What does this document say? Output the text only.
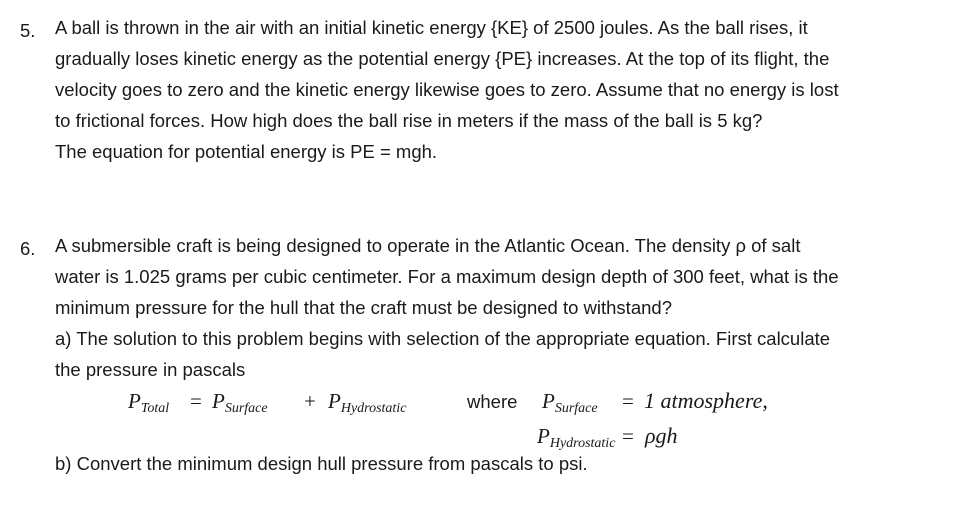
5. A ball is thrown in the air with an initial kinetic energy {KE} of 2500 joules. As the ball rises, it
gradually loses kinetic energy as the potential energy {PE} increases. At the top of its flight, the
velocity goes to zero and the kinetic energy likewise goes to zero. Assume that no energy is lost
to frictional forces. How high does the ball rise in meters if the mass of the ball is 5 kg?
The equation for potential energy is PE = mgh.
6. A submersible craft is being designed to operate in the Atlantic Ocean. The density ρ of salt
water is 1.025 grams per cubic centimeter. For a maximum design depth of 300 feet, what is the
minimum pressure for the hull that the craft must be designed to withstand?
a) The solution to this problem begins with selection of the appropriate equation. First calculate
the pressure in pascals
$P_{Total} = P_{Surface} + P_{Hydrostatic}$	where $P_{Surface} = 1$ atmosphere,
$P_{Hydrostatic} = \rho gh$
b) Convert the minimum design hull pressure from pascals to psi.
